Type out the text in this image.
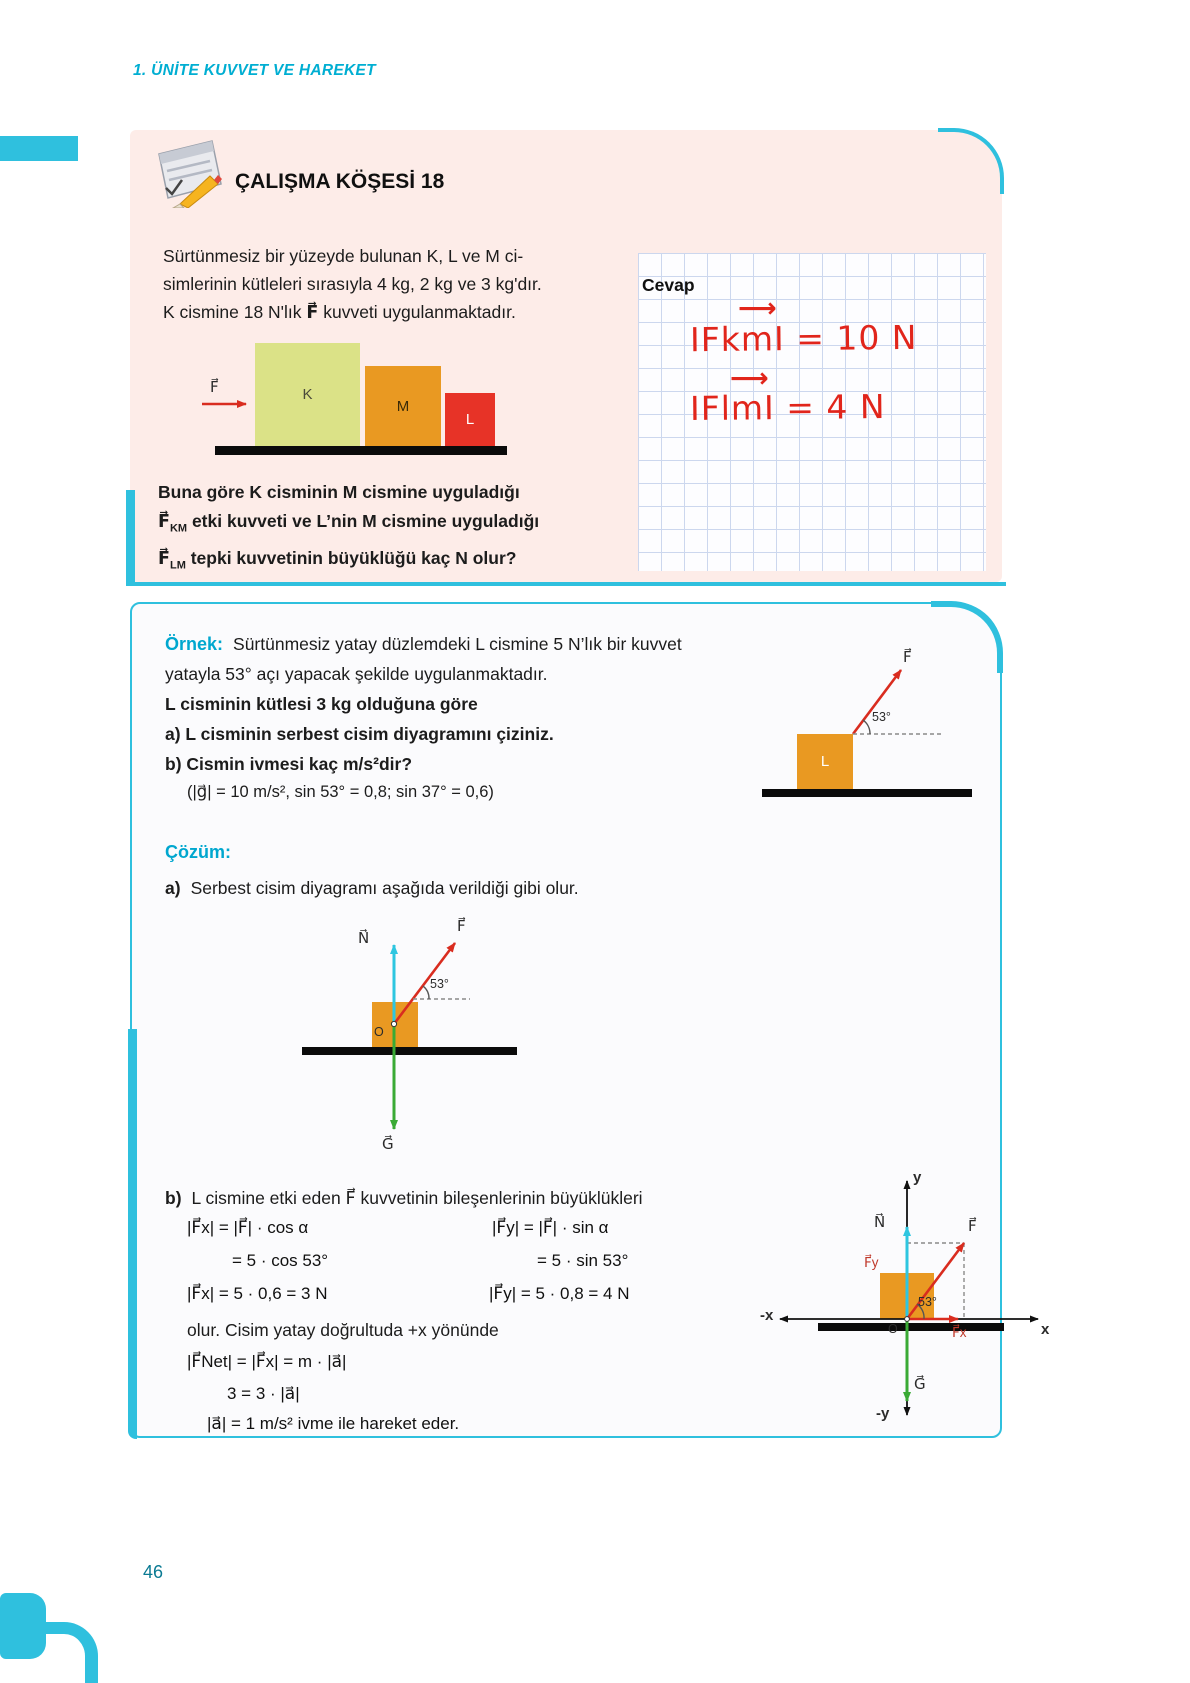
1. ÜNİTE KUVVET VE HAREKET
ÇALIŞMA KÖŞESİ 18
Sürtünmesiz bir yüzeyde bulunan K, L ve M ci-
simlerinin kütleleri sırasıyla 4 kg, 2 kg ve 3 kg'dır.
K cismine 18 N'lık F⃗ kuvveti uygulanmaktadır.
K
M
L
F⃗
Buna göre K cisminin M cismine uyguladığı
$F⃗_{KM}$ etki kuvveti ve L’nin M cismine uyguladığı
$F⃗_{LM}$ tepki kuvvetinin büyüklüğü kaç N olur?
Cevap
⟶
IFkmI = 10 N
⟶
IFlmI = 4 N
Örnek: Sürtünmesiz yatay düzlemdeki L cismine 5 N’lık bir kuvvet
yatayla 53° açı yapacak şekilde uygulanmaktadır.
L cisminin kütlesi 3 kg olduğuna göre
a) L cisminin serbest cisim diyagramını çiziniz.
b) Cismin ivmesi kaç m/s²dir?
(|g⃗| = 10 m/s², sin 53° = 0,8; sin 37° = 0,6)
L
F⃗
53°
Çözüm:
a) Serbest cisim diyagramı aşağıda verildiği gibi olur.
N⃗
F⃗
G⃗
53°
O
b) L cismine etki eden F⃗ kuvvetinin bileşenlerinin büyüklükleri
|F⃗x| = |F⃗| · cos α
= 5 · cos 53°
|F⃗x| = 5 · 0,6 = 3 N
|F⃗y| = |F⃗| · sin α
= 5 · sin 53°
|F⃗y| = 5 · 0,8 = 4 N
olur. Cisim yatay doğrultuda +x yönünde
|F⃗Net| = |F⃗x| = m · |a⃗|
3 = 3 · |a⃗|
|a⃗| = 1 m/s² ivme ile hareket eder.
y
-y
x
-x
N⃗	F⃗
F⃗y
F⃗x
G⃗
53°
O
46
